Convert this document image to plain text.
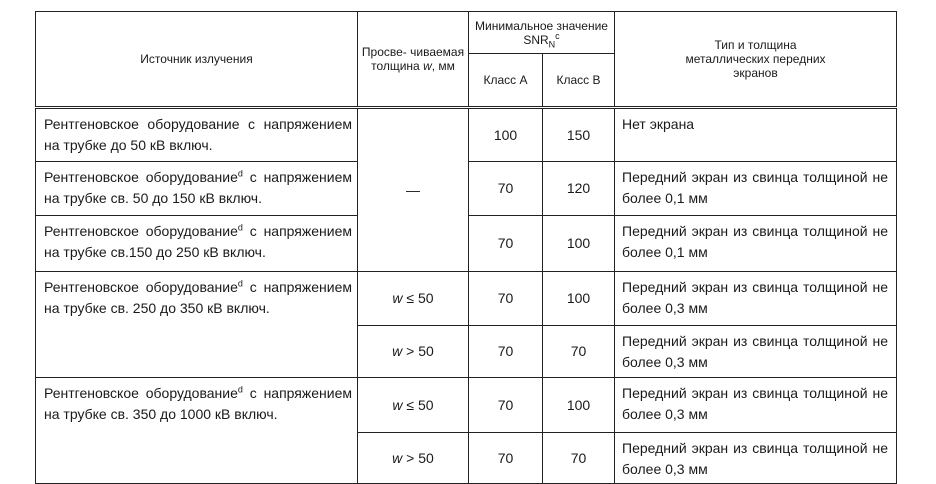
Источник излучения	Просве- чиваемая толщина w, мм	Минимальное значение $SNR_N^c$		Тип и толщина металлических передних экранов
		Класс А	Класс В	
Рентгеновское оборудование с напряжением на трубке до 50 кВ включ.	—	100	150	Нет экрана
Рентгеновское оборудование$^d$ с напряжением на трубке св. 50 до 150 кВ включ.		70	120	Передний экран из свинца толщиной не более 0,1 мм
Рентгеновское оборудование$^d$ с напряжением на трубке св.150 до 250 кВ включ.		70	100	Передний экран из свинца толщиной не более 0,1 мм
Рентгеновское оборудование$^d$ с напряжением на трубке св. 250 до 350 кВ включ.	w ≤ 50	70	100	Передний экран из свинца толщиной не более 0,3 мм
	w > 50	70	70	Передний экран из свинца толщиной не более 0,3 мм
Рентгеновское оборудование$^d$ с напряжением на трубке св. 350 до 1000 кВ включ.	w ≤ 50	70	100	Передний экран из свинца толщиной не более 0,3 мм
	w > 50	70	70	Передний экран из свинца толщиной не более 0,3 мм
